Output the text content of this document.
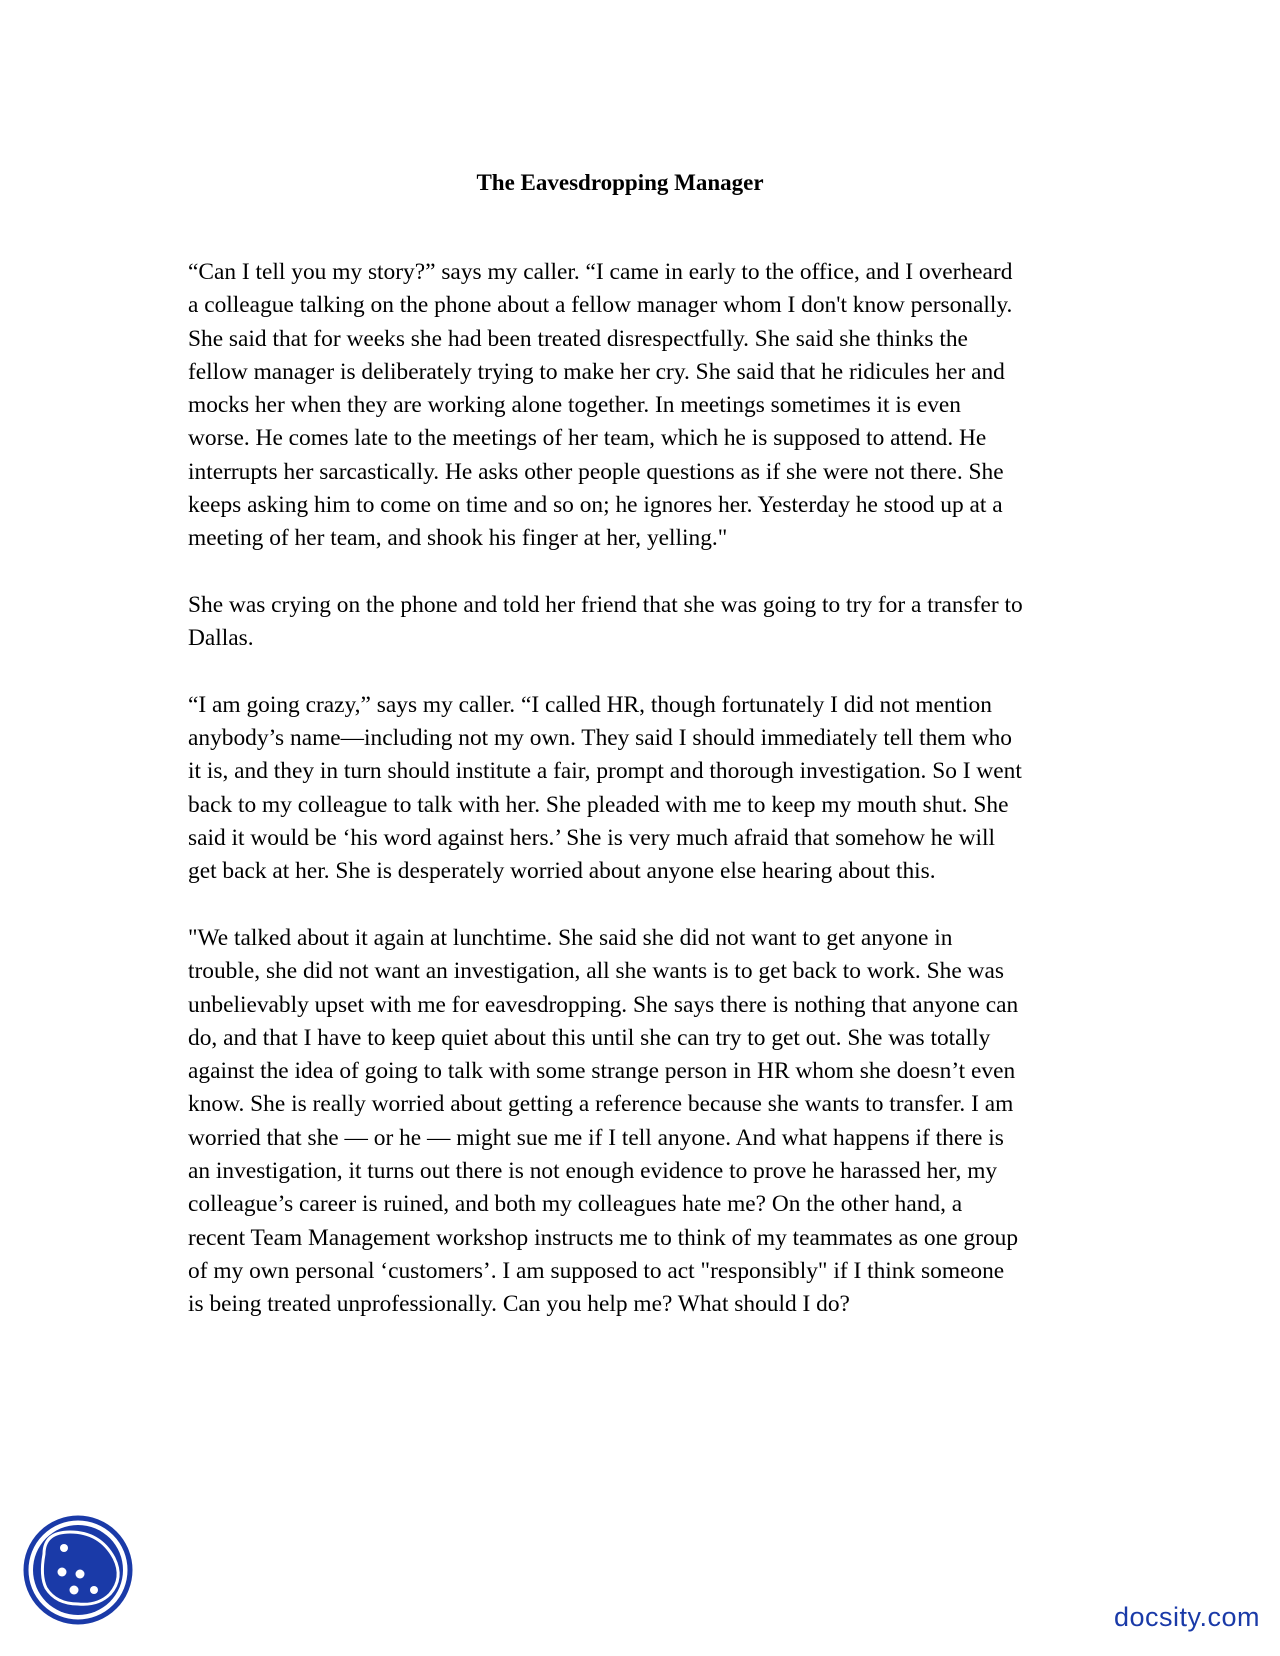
The Eavesdropping Manager

“Can I tell you my story?” says my caller. “I came in early to the office, and I overheard
a colleague talking on the phone about a fellow manager whom I don't know personally.
She said that for weeks she had been treated disrespectfully. She said she thinks the
fellow manager is deliberately trying to make her cry. She said that he ridicules her and
mocks her when they are working alone together. In meetings sometimes it is even
worse. He comes late to the meetings of her team, which he is supposed to attend. He
interrupts her sarcastically. He asks other people questions as if she were not there. She
keeps asking him to come on time and so on; he ignores her. Yesterday he stood up at a
meeting of her team, and shook his finger at her, yelling."

She was crying on the phone and told her friend that she was going to try for a transfer to
Dallas.

“I am going crazy,” says my caller. “I called HR, though fortunately I did not mention
anybody’s name—including not my own. They said I should immediately tell them who
it is, and they in turn should institute a fair, prompt and thorough investigation. So I went
back to my colleague to talk with her. She pleaded with me to keep my mouth shut. She
said it would be ‘his word against hers.’ She is very much afraid that somehow he will
get back at her. She is desperately worried about anyone else hearing about this.

"We talked about it again at lunchtime. She said she did not want to get anyone in
trouble, she did not want an investigation, all she wants is to get back to work. She was
unbelievably upset with me for eavesdropping. She says there is nothing that anyone can
do, and that I have to keep quiet about this until she can try to get out. She was totally
against the idea of going to talk with some strange person in HR whom she doesn’t even
know. She is really worried about getting a reference because she wants to transfer. I am
worried that she — or he — might sue me if I tell anyone. And what happens if there is
an investigation, it turns out there is not enough evidence to prove he harassed her, my
colleague’s career is ruined, and both my colleagues hate me? On the other hand, a
recent Team Management workshop instructs me to think of my teammates as one group
of my own personal ‘customers’. I am supposed to act "responsibly" if I think someone
is being treated unprofessionally. Can you help me? What should I do?

docsity.com
